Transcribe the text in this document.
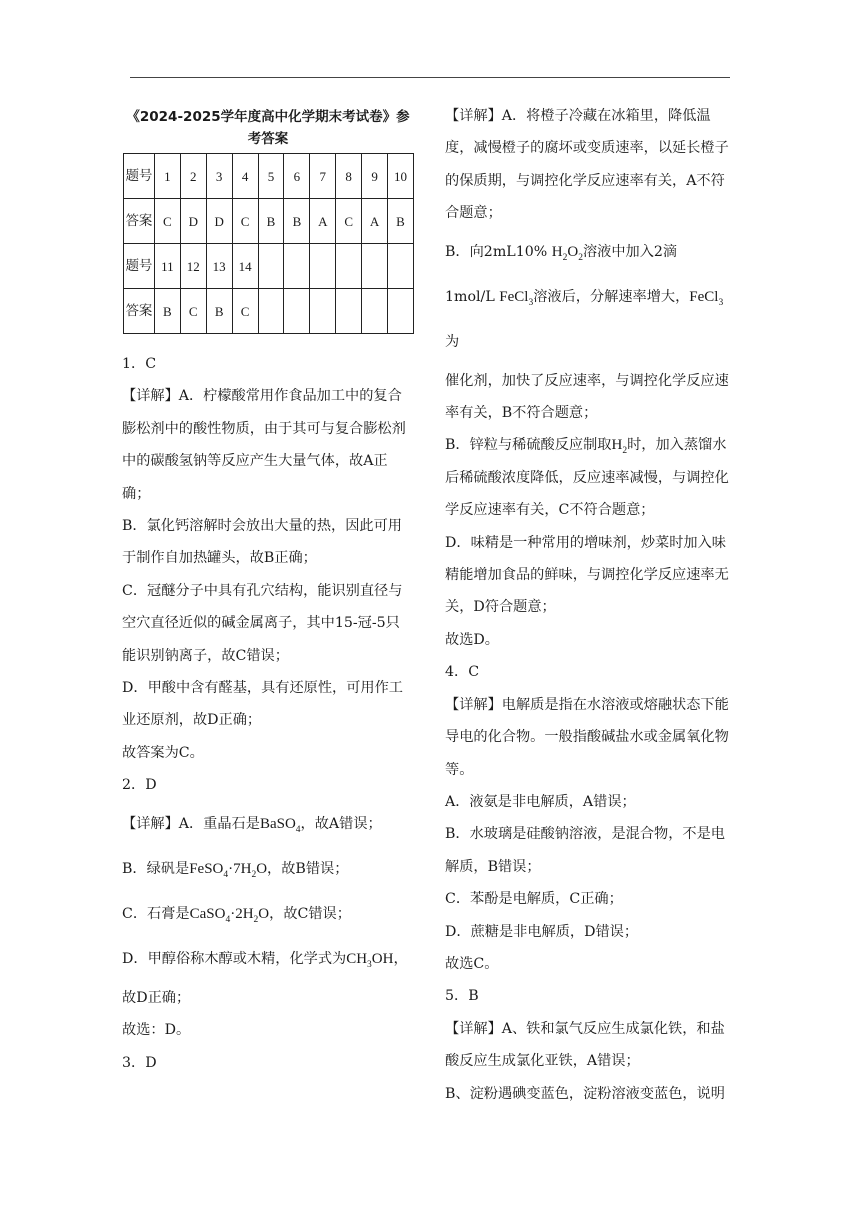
《2024-2025学年度高中化学期末考试卷》参考答案
题号	1	2	3	4	5	6	7	8	9	10
答案	C	D	D	C	B	B	A	C	A	B
题号	11	12	13	14						
答案	B	C	B	C						

1．C

【详解】A．柠檬酸常用作食品加工中的复合膨松剂中的酸性物质，由于其可与复合膨松剂中的碳酸氢钠等反应产生大量气体，故A正确；

B．氯化钙溶解时会放出大量的热，因此可用于制作自加热罐头，故B正确；

C．冠醚分子中具有孔穴结构，能识别直径与空穴直径近似的碱金属离子，其中15-冠-5只能识别钠离子，故C错误；

D．甲酸中含有醛基，具有还原性，可用作工业还原剂，故D正确；

故答案为C。

2．D

【详解】A．重晶石是BaSO$_4$，故A错误；

B．绿矾是$FeSO_4\cdot 7H_2O$，故B错误；

C．石膏是$CaSO_4\cdot 2H_2O$，故C错误；

D．甲醇俗称木醇或木精，化学式为$CH_3OH$，

故D正确；

故选：D。

3．D

【详解】A．将橙子冷藏在冰箱里，降低温度，减慢橙子的腐坏或变质速率，以延长橙子的保质期，与调控化学反应速率有关，A不符合题意；

B．向2mL10% $H_2O_2$溶液中加入2滴

1mol/L FeCl$_3$溶液后，分解速率增大，FeCl$_3$为

催化剂，加快了反应速率，与调控化学反应速率有关，B不符合题意；

B．锌粒与稀硫酸反应制取$H_2$时，加入蒸馏水后稀硫酸浓度降低，反应速率减慢，与调控化学反应速率有关，C不符合题意；

D．味精是一种常用的增味剂，炒菜时加入味精能增加食品的鲜味，与调控化学反应速率无关，D符合题意；

故选D。

4．C

【详解】电解质是指在水溶液或熔融状态下能导电的化合物。一般指酸碱盐水或金属氧化物等。

A．液氨是非电解质，A错误；

B．水玻璃是硅酸钠溶液，是混合物，不是电解质，B错误；

C．苯酚是电解质，C正确；

D．蔗糖是非电解质，D错误；

故选C。

5．B

【详解】A、铁和氯气反应生成氯化铁，和盐酸反应生成氯化亚铁，A错误；

B、淀粉遇碘变蓝色，淀粉溶液变蓝色，说明
